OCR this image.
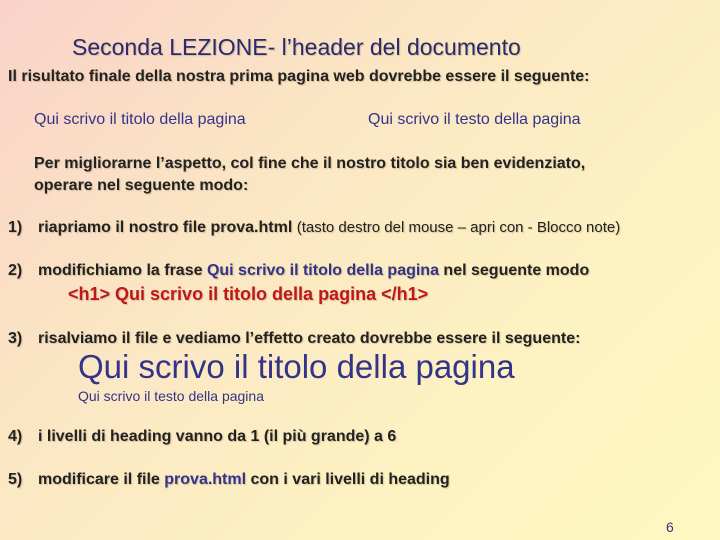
Seconda LEZIONE- l’header del documento
Il risultato finale della nostra prima pagina web dovrebbe essere il seguente:
Qui scrivo il titolo della pagina	Qui scrivo il testo della pagina
Per migliorarne l’aspetto, col fine che il nostro titolo sia ben evidenziato,
operare nel seguente modo:
1) riapriamo il nostro file prova.html (tasto destro del mouse – apri con - Blocco note)
2) modifichiamo la frase Qui scrivo il titolo della pagina nel seguente modo
<h1> Qui scrivo il titolo della pagina </h1>
3) risalviamo il file e vediamo l’effetto creato dovrebbe essere il seguente:
Qui scrivo il titolo della pagina
Qui scrivo il testo della pagina
4) i livelli di heading vanno da 1 (il più grande) a 6
5) modificare il file prova.html con i vari livelli di heading
6
